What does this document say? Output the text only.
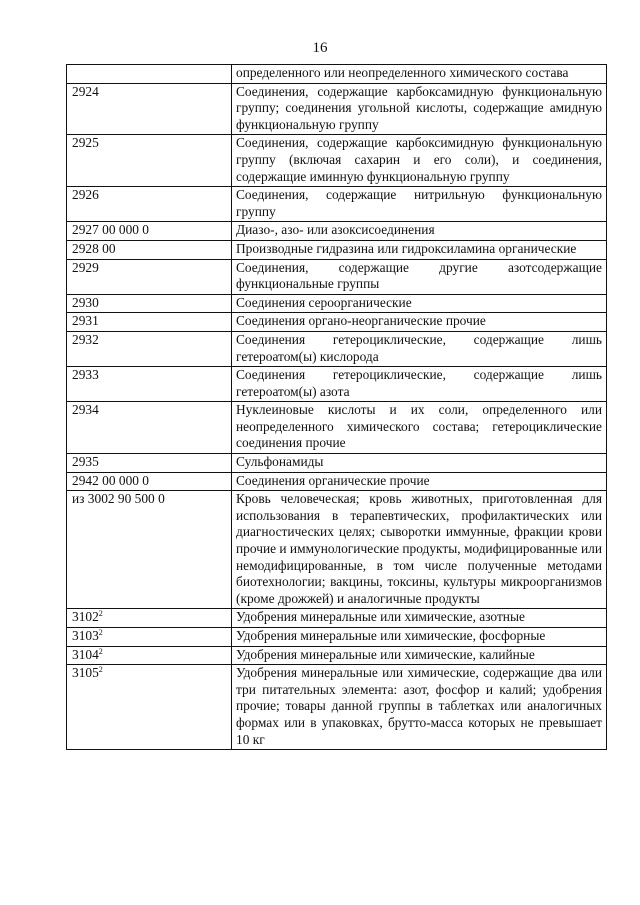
16
	определенного или неопределенного химического состава
2924	Соединения, содержащие карбоксамидную функциональную группу; соединения угольной кислоты, содержащие амидную функциональную группу
2925	Соединения, содержащие карбоксимидную функциональную группу (включая сахарин и его соли), и соединения, содержащие иминную функциональную группу
2926	Соединения, содержащие нитрильную функциональную группу
2927 00 000 0	Диазо-, азо- или азоксисоединения
2928 00	Производные гидразина или гидроксиламина органические
2929	Соединения, содержащие другие азотсодержащие функциональные группы
2930	Соединения сероорганические
2931	Соединения органо-неорганические прочие
2932	Соединения гетероциклические, содержащие лишь гетероатом(ы) кислорода
2933	Соединения гетероциклические, содержащие лишь гетероатом(ы) азота
2934	Нуклеиновые кислоты и их соли, определенного или неопределенного химического состава; гетероциклические соединения прочие
2935	Сульфонамиды
2942 00 000 0	Соединения органические прочие
из 3002 90 500 0	Кровь человеческая; кровь животных, приготовленная для использования в терапевтических, профилактических или диагностических целях; сыворотки иммунные, фракции крови прочие и иммунологические продукты, модифицированные или немодифицированные, в том числе полученные методами биотехнологии; вакцины, токсины, культуры микроорганизмов (кроме дрожжей) и аналогичные продукты
3102$^2$	Удобрения минеральные или химические, азотные
3103$^2$	Удобрения минеральные или химические, фосфорные
3104$^2$	Удобрения минеральные или химические, калийные
3105$^2$	Удобрения минеральные или химические, содержащие два или три питательных элемента: азот, фосфор и калий; удобрения прочие; товары данной группы в таблетках или аналогичных формах или в упаковках, брутто-масса которых не превышает 10 кг
